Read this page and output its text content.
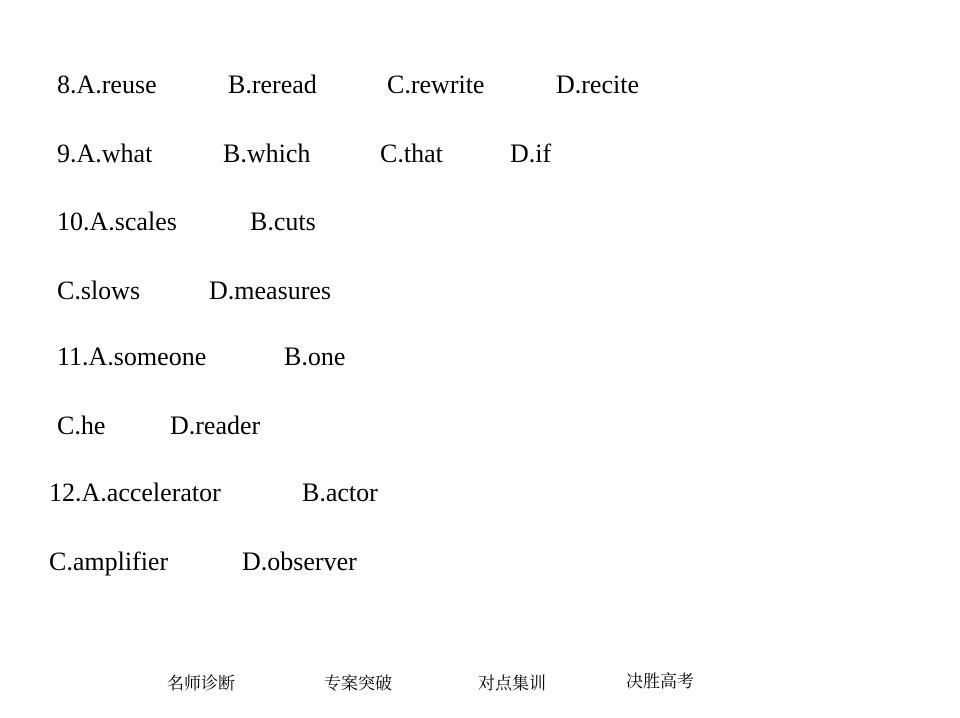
8.A.reuse	B.reread	C.rewrite	D.recite
9.A.what	B.which	C.that	D.if
10.A.scales	B.cuts
C.slows	D.measures
11.A.someone	B.one
C.he D.reader
12.A.accelerator	B.actor
C.amplifier	D.observer
名师诊断	专案突破	对点集训	决胜高考
